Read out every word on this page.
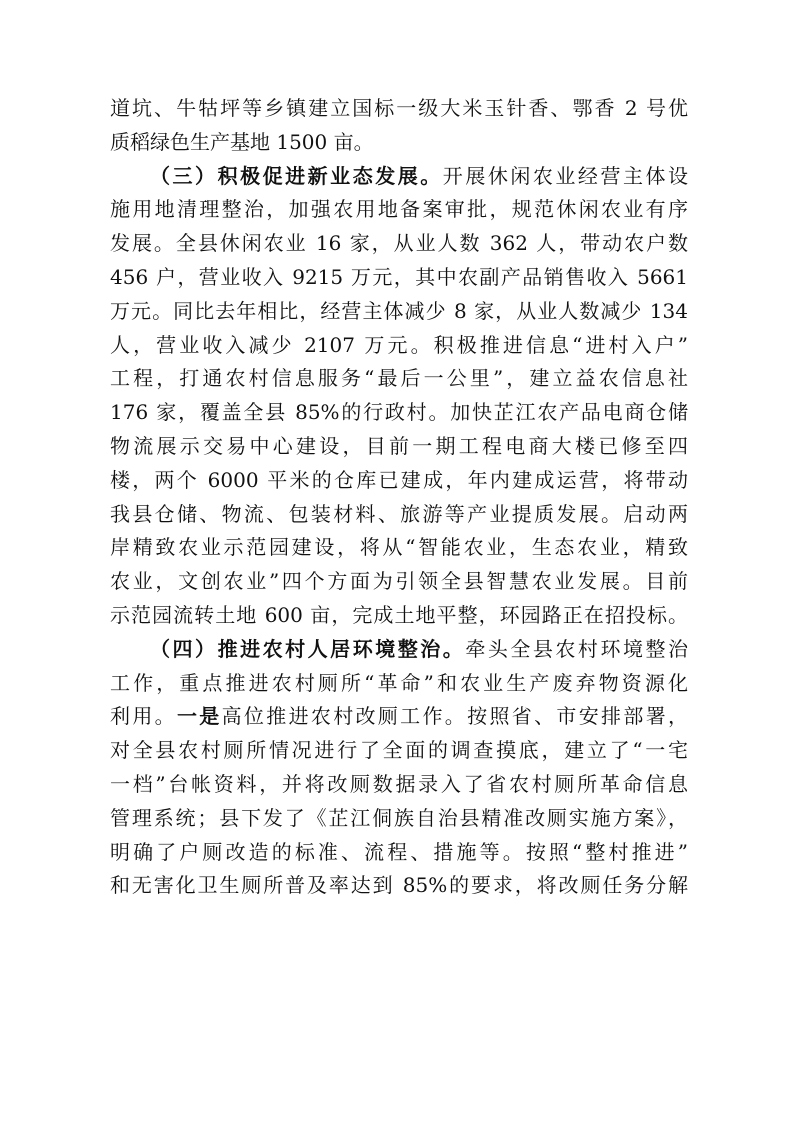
道坑、牛牯坪等乡镇建立国标一级大米玉针香、鄂香 2 号优
质稻绿色生产基地 1500 亩。
（三）积极促进新业态发展。开展休闲农业经营主体设
施用地清理整治，加强农用地备案审批，规范休闲农业有序
发展。全县休闲农业 16 家，从业人数 362 人，带动农户数
456 户，营业收入 9215 万元，其中农副产品销售收入 5661
万元。同比去年相比，经营主体减少 8 家，从业人数减少 134
人，营业收入减少 2107 万元。积极推进信息“进村入户”
工程，打通农村信息服务“最后一公里”，建立益农信息社
176 家，覆盖全县 85%的行政村。加快芷江农产品电商仓储
物流展示交易中心建设，目前一期工程电商大楼已修至四
楼，两个 6000 平米的仓库已建成，年内建成运营，将带动
我县仓储、物流、包装材料、旅游等产业提质发展。启动两
岸精致农业示范园建设，将从“智能农业，生态农业，精致
农业，文创农业”四个方面为引领全县智慧农业发展。目前
示范园流转土地 600 亩，完成土地平整，环园路正在招投标。
（四）推进农村人居环境整治。牵头全县农村环境整治
工作，重点推进农村厕所“革命”和农业生产废弃物资源化
利用。一是高位推进农村改厕工作。按照省、市安排部署，
对全县农村厕所情况进行了全面的调查摸底，建立了“一宅
一档”台帐资料，并将改厕数据录入了省农村厕所革命信息
管理系统；县下发了《芷江侗族自治县精准改厕实施方案》，
明确了户厕改造的标准、流程、措施等。按照“整村推进”
和无害化卫生厕所普及率达到 85%的要求，将改厕任务分解
